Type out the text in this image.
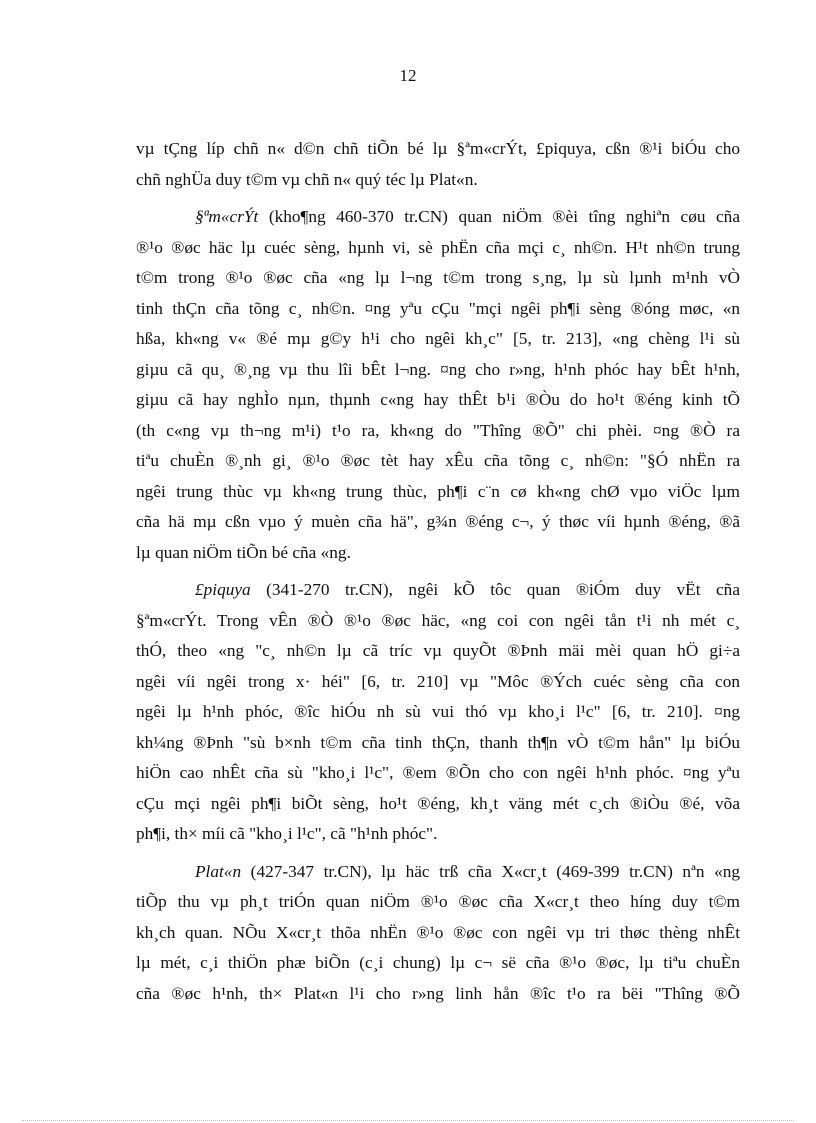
12
vµ tÇng líp chñ n« d©n chñ tiÕn bé lµ §ªm«crÝt, £piquya, cßn ®¹i biÓu cho
chñ nghÜa duy t©m vµ chñ n« quý téc lµ Plat«n.
§ªm«crÝt (kho¶ng 460-370 tr.CN) quan niÖm ®èi tîng nghiªn cøu cña
®¹o ®øc häc lµ cuéc sèng, hµnh vi, sè phËn cña mçi c¸ nh©n. H¹t nh©n trung
t©m trong ®¹o ®øc cña «ng lµ l¬ng t©m trong s¸ng, lµ sù lµnh m¹nh vÒ
tinh thÇn cña tõng c¸ nh©n. ¤ng yªu cÇu "mçi ngêi ph¶i sèng ®óng møc, «n
hßa, kh«ng v« ®é mµ g©y h¹i cho ngêi kh¸c" [5, tr. 213], «ng chèng l¹i sù
giµu cã qu¸ ®¸ng vµ thu lîi bÊt l¬ng. ¤ng cho r»ng, h¹nh phóc hay bÊt h¹nh,
giµu cã hay nghÌo nµn, thµnh c«ng hay thÊt b¹i ®Òu do ho¹t ®éng kinh tÕ
(th c«ng vµ th¬ng m¹i) t¹o ra, kh«ng do "Thîng ®Õ" chi phèi. ¤ng ®Ò ra
tiªu chuÈn ®¸nh gi¸ ®¹o ®øc tèt hay xÊu cña tõng c¸ nh©n: "§Ó nhËn ra
ngêi trung thùc vµ kh«ng trung thùc, ph¶i c¨n cø kh«ng chØ vµo viÖc lµm
cña hä mµ cßn vµo ý muèn cña hä", g¾n ®éng c¬, ý thøc víi hµnh ®éng, ®ã
lµ quan niÖm tiÕn bé cña «ng.
£piquya (341-270 tr.CN), ngêi kÕ tôc quan ®iÓm duy vËt cña
§ªm«crÝt. Trong vÊn ®Ò ®¹o ®øc häc, «ng coi con ngêi tån t¹i nh mét c¸
thÓ, theo «ng "c¸ nh©n lµ cã tríc vµ quyÕt ®Þnh mäi mèi quan hÖ gi÷a
ngêi víi ngêi trong x· héi" [6, tr. 210] vµ "Môc ®Ých cuéc sèng cña con
ngêi lµ h¹nh phóc, ®îc hiÓu nh sù vui thó vµ kho¸i l¹c" [6, tr. 210]. ¤ng
kh¼ng ®Þnh "sù b×nh t©m cña tinh thÇn, thanh th¶n vÒ t©m hån" lµ biÓu
hiÖn cao nhÊt cña sù "kho¸i l¹c", ®em ®Õn cho con ngêi h¹nh phóc. ¤ng yªu
cÇu mçi ngêi ph¶i biÕt sèng, ho¹t ®éng, kh¸t väng mét c¸ch ®iÒu ®é, võa
ph¶i, th× míi cã "kho¸i l¹c", cã "h¹nh phóc".
Plat«n (427-347 tr.CN), lµ häc trß cña X«cr¸t (469-399 tr.CN) nªn «ng
tiÕp thu vµ ph¸t triÓn quan niÖm ®¹o ®øc cña X«cr¸t theo híng duy t©m
kh¸ch quan. NÕu X«cr¸t thõa nhËn ®¹o ®øc con ngêi vµ tri thøc thèng nhÊt
lµ mét, c¸i thiÖn phæ biÕn (c¸i chung) lµ c¬ së cña ®¹o ®øc, lµ tiªu chuÈn
cña ®øc h¹nh, th× Plat«n l¹i cho r»ng linh hån ®îc t¹o ra bëi "Thîng ®Õ
